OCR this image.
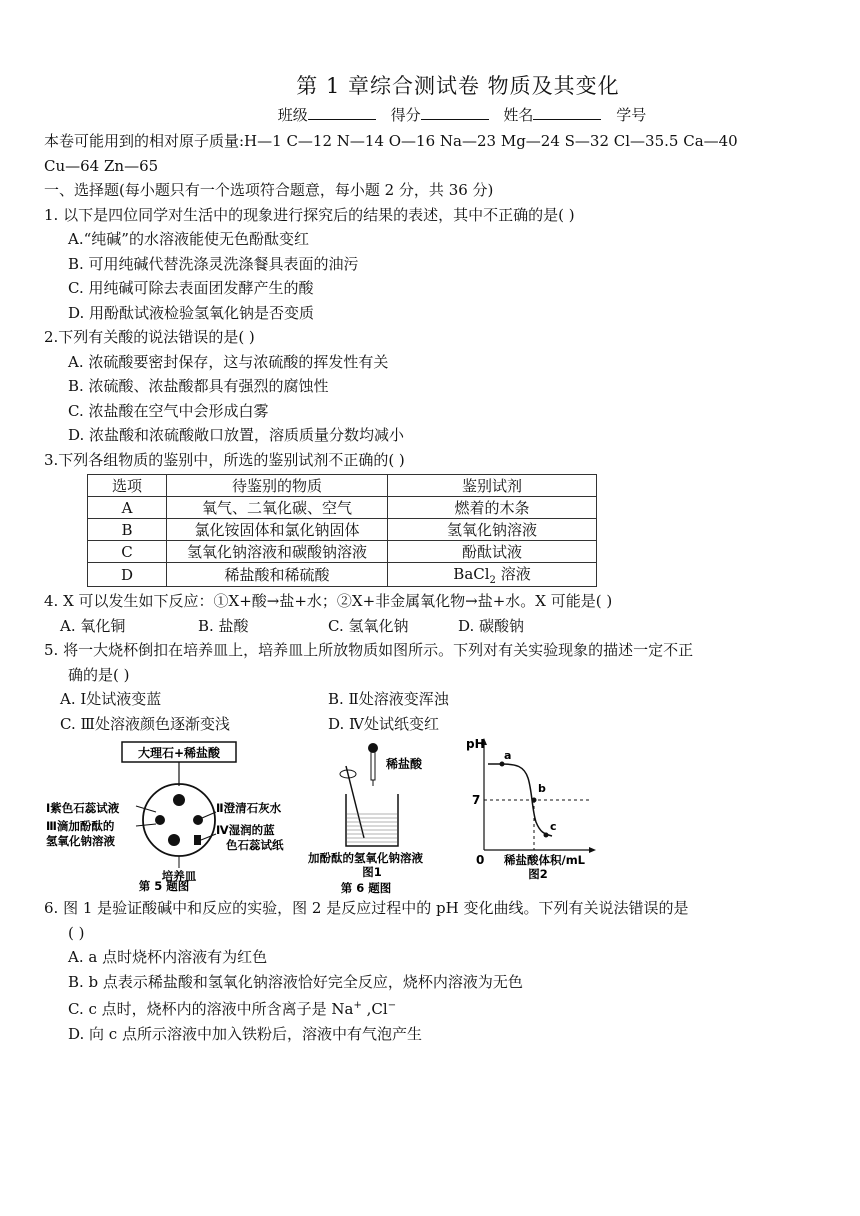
第 1 章综合测试卷 物质及其变化
班级	得分	姓名	学号
本卷可能用到的相对原子质量:H—1 C—12 N—14 O—16 Na—23 Mg—24 S—32 Cl—35.5 Ca—40
Cu—64 Zn—65
一、选择题(每小题只有一个选项符合题意，每小题 2 分，共 36 分)
1. 以下是四位同学对生活中的现象进行探究后的结果的表述，其中不正确的是( )
A.“纯碱”的水溶液能使无色酚酞变红
B. 可用纯碱代替洗涤灵洗涤餐具表面的油污
C. 用纯碱可除去表面团发酵产生的酸
D. 用酚酞试液检验氢氧化钠是否变质
2.下列有关酸的说法错误的是( )
A. 浓硫酸要密封保存，这与浓硫酸的挥发性有关
B. 浓硫酸、浓盐酸都具有强烈的腐蚀性
C. 浓盐酸在空气中会形成白雾
D. 浓盐酸和浓硫酸敞口放置，溶质质量分数均减小
3.下列各组物质的鉴别中，所选的鉴别试剂不正确的( )
选项	待鉴别的物质	鉴别试剂
A	氧气、二氧化碳、空气	燃着的木条
B	氯化铵固体和氯化钠固体	氢氧化钠溶液
C	氢氧化钠溶液和碳酸钠溶液	酚酞试液
D	稀盐酸和稀硫酸	BaCl$_2$ 溶液
4. X 可以发生如下反应：①X+酸→盐+水；②X+非金属氧化物→盐+水。X 可能是( )
A. 氧化铜	B. 盐酸	C. 氢氧化钠	D. 碳酸钠
5. 将一大烧杯倒扣在培养皿上，培养皿上所放物质如图所示。下列对有关实验现象的描述一定不正
确的是( )
A. Ⅰ处试液变蓝	B. Ⅱ处溶液变浑浊
C. Ⅲ处溶液颜色逐渐变浅	D. Ⅳ处试纸变红
大理石+稀盐酸
Ⅰ紫色石蕊试液
Ⅲ滴加酚酞的
氢氧化钠溶液
Ⅱ澄清石灰水
Ⅳ湿润的蓝
色石蕊试纸
培养皿
第 5 题图
稀盐酸
加酚酞的氢氧化钠溶液
图1
第 6 题图
pH
7
0
a
b
c
稀盐酸体积/mL
图2
6. 图 1 是验证酸碱中和反应的实验，图 2 是反应过程中的 pH 变化曲线。下列有关说法错误的是
( )
A. a 点时烧杯内溶液有为红色
B. b 点表示稀盐酸和氢氧化钠溶液恰好完全反应，烧杯内溶液为无色
C. c 点时，烧杯内的溶液中所含离子是 Na+ ,Cl−
D. 向 c 点所示溶液中加入铁粉后，溶液中有气泡产生
